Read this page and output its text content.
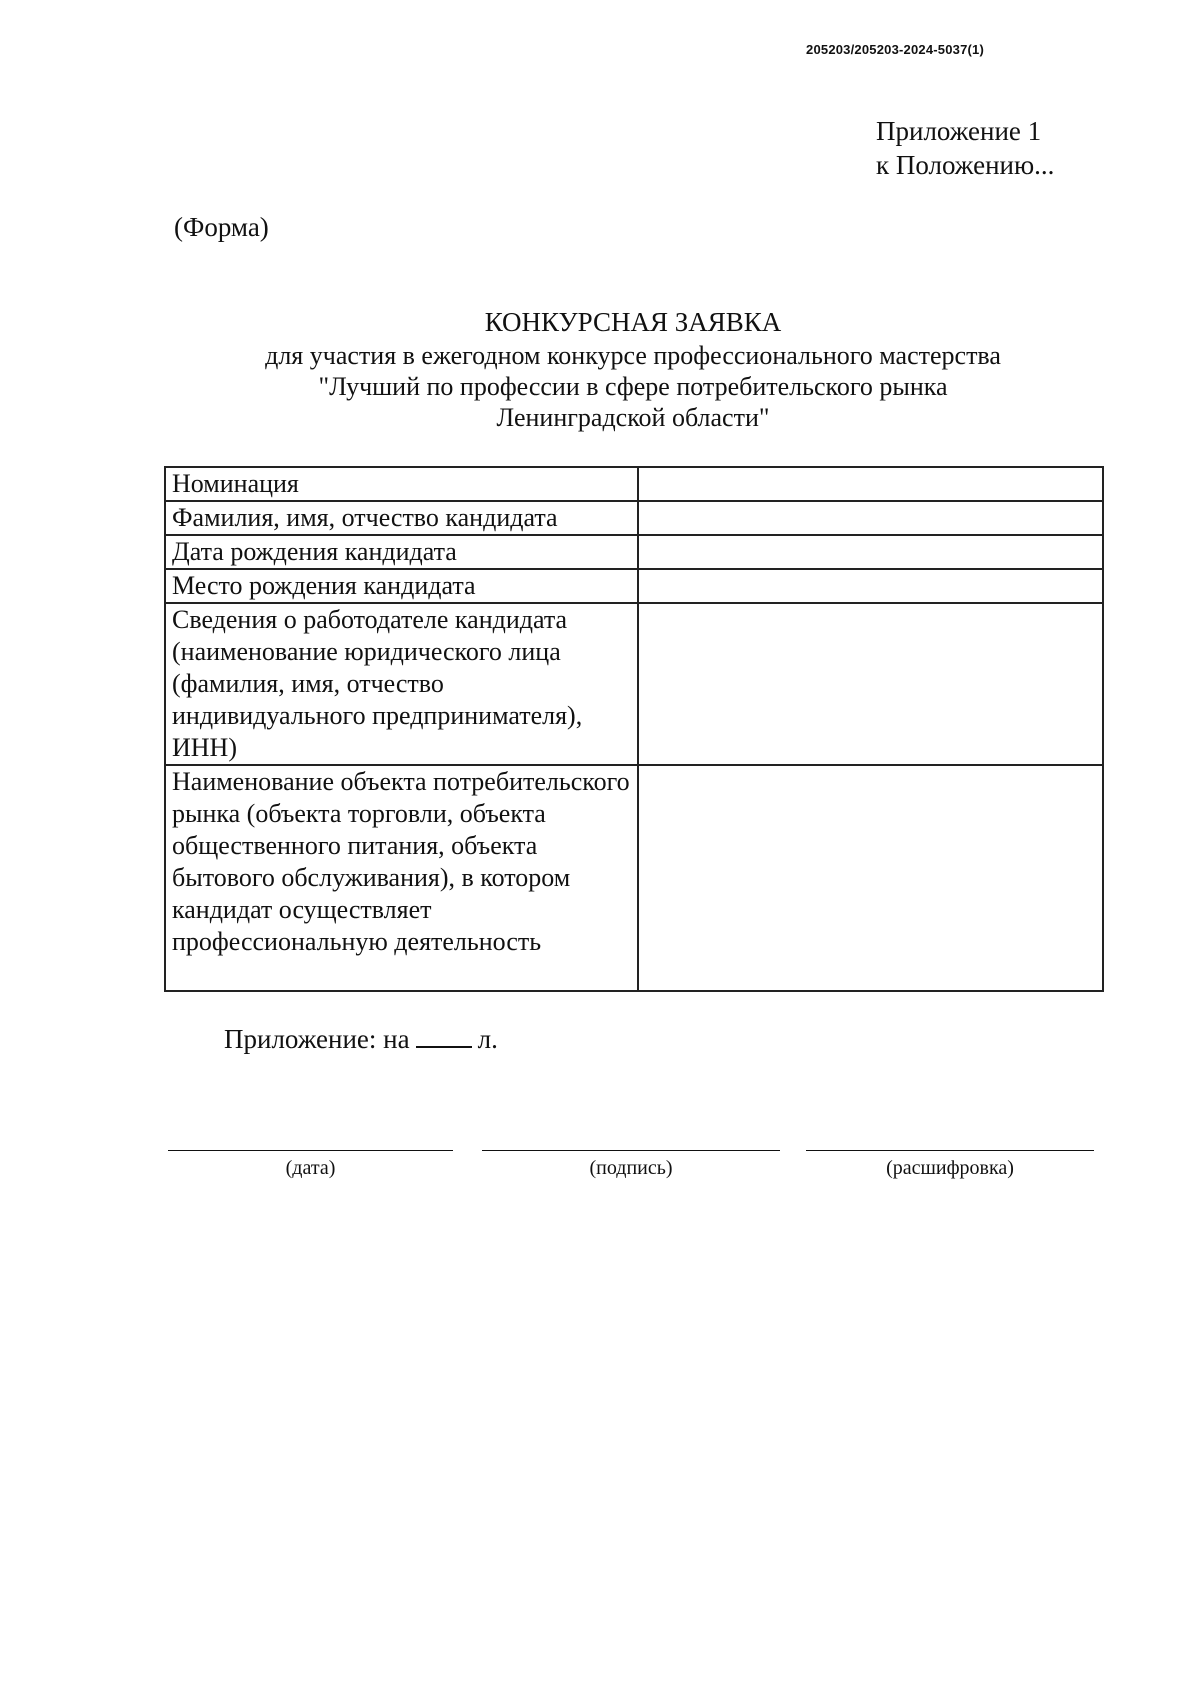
205203/205203-2024-5037(1)
Приложение 1
к Положению...
(Форма)
КОНКУРСНАЯ ЗАЯВКА
для участия в ежегодном конкурсе профессионального мастерства
"Лучший по профессии в сфере потребительского рынка
Ленинградской области"
Номинация	
Фамилия, имя, отчество кандидата	
Дата рождения кандидата	
Место рождения кандидата	
Сведения о работодателе кандидата (наименование юридического лица (фамилия, имя, отчество индивидуального предпринимателя), ИНН)	
Наименование объекта потребительского рынка (объекта торговли, объекта общественного питания, объекта бытового обслуживания), в котором кандидат осуществляет профессиональную деятельность	
Приложение: на	л.
(дата)	(подпись)	(расшифровка)
